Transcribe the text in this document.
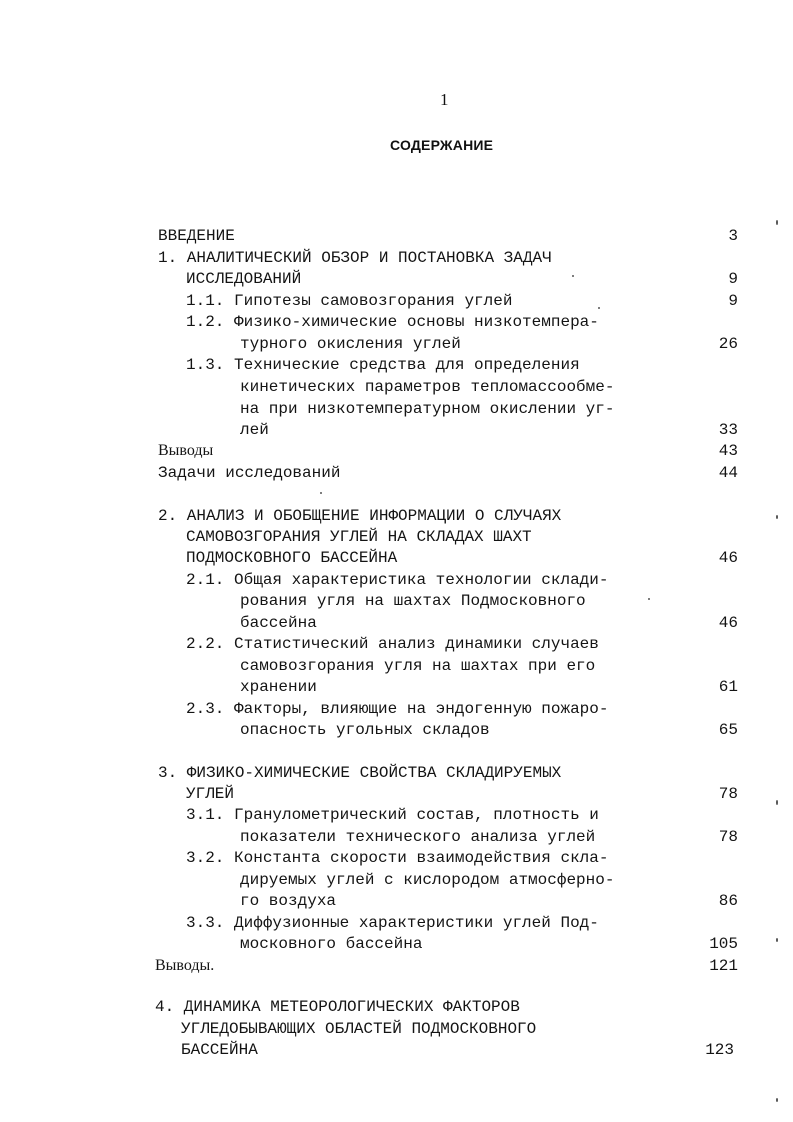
1
СОДЕРЖАНИЕ
ВВЕДЕНИЕ	3
1. АНАЛИТИЧЕСКИЙ ОБЗОР И ПОСТАНОВКА ЗАДАЧ
ИССЛЕДОВАНИЙ	9
1.1. Гипотезы самовозгорания углей	9
1.2. Физико-химические основы низкотемпера-
турного окисления углей	26
1.3. Технические средства для определения
кинетических параметров тепломассообме-
на при низкотемпературном окислении уг-
лей	33
Выводы	43
Задачи исследований	44
2. АНАЛИЗ И ОБОБЩЕНИЕ ИНФОРМАЦИИ О СЛУЧАЯХ
САМОВОЗГОРАНИЯ УГЛЕЙ НА СКЛАДАХ ШАХТ
ПОДМОСКОВНОГО БАССЕЙНА	46
2.1. Общая характеристика технологии склади-
рования угля на шахтах Подмосковного
бассейна	46
2.2. Статистический анализ динамики случаев
самовозгорания угля на шахтах при его
хранении	61
2.3. Факторы, влияющие на эндогенную пожаро-
опасность угольных складов	65
3. ФИЗИКО-ХИМИЧЕСКИЕ СВОЙСТВА СКЛАДИРУЕМЫХ
УГЛЕЙ	78
3.1. Гранулометрический состав, плотность и
показатели технического анализа углей	78
3.2. Константа скорости взаимодействия скла-
дируемых углей с кислородом атмосферно-
го воздуха	86
3.3. Диффузионные характеристики углей Под-
московного бассейна	105
Выводы.	121
4. ДИНАМИКА МЕТЕОРОЛОГИЧЕСКИХ ФАКТОРОВ
УГЛЕДОБЫВАЮЩИХ ОБЛАСТЕЙ ПОДМОСКОВНОГО
БАССЕЙНА	123
